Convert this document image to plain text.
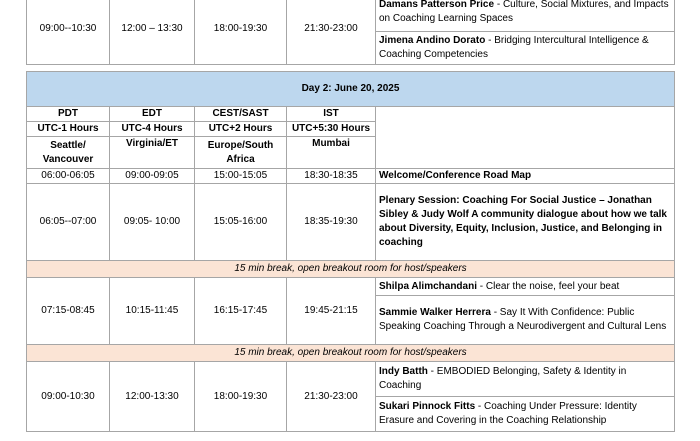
09:00--10:30	12:00 – 13:30	18:00-19:30	21:30-23:00	Damans Patterson Price - Culture, Social Mixtures, and Impacts on Coaching Learning Spaces
Jimena Andino Dorato - Bridging Intercultural Intelligence & Coaching Competencies
Day 2: June 20, 2025				
PDT	EDT	CEST/SAST	IST	
UTC-1 Hours	UTC-4 Hours	UTC+2 Hours	UTC+5:30 Hours	
Seattle/ Vancouver	Virginia/ET	Europe/South Africa	Mumbai	
06:00-06:05	09:00-09:05	15:00-15:05	18:30-18:35	Welcome/Conference Road Map
06:05--07:00	09:05- 10:00	15:05-16:00	18:35-19:30	Plenary Session: Coaching For Social Justice – Jonathan Sibley & Judy Wolf A community dialogue about how we talk about Diversity, Equity, Inclusion, Justice, and Belonging in coaching
15 min break, open breakout room for host/speakers				
07:15-08:45	10:15-11:45	16:15-17:45	19:45-21:15	Shilpa Alimchandani - Clear the noise, feel your beat
				Sammie Walker Herrera - Say It With Confidence: Public Speaking Coaching Through a Neurodivergent and Cultural Lens
15 min break, open breakout room for host/speakers				
09:00-10:30	12:00-13:30	18:00-19:30	21:30-23:00	Indy Batth - EMBODIED Belonging, Safety & Identity in Coaching
				Sukari Pinnock Fitts - Coaching Under Pressure: Identity Erasure and Covering in the Coaching Relationship
